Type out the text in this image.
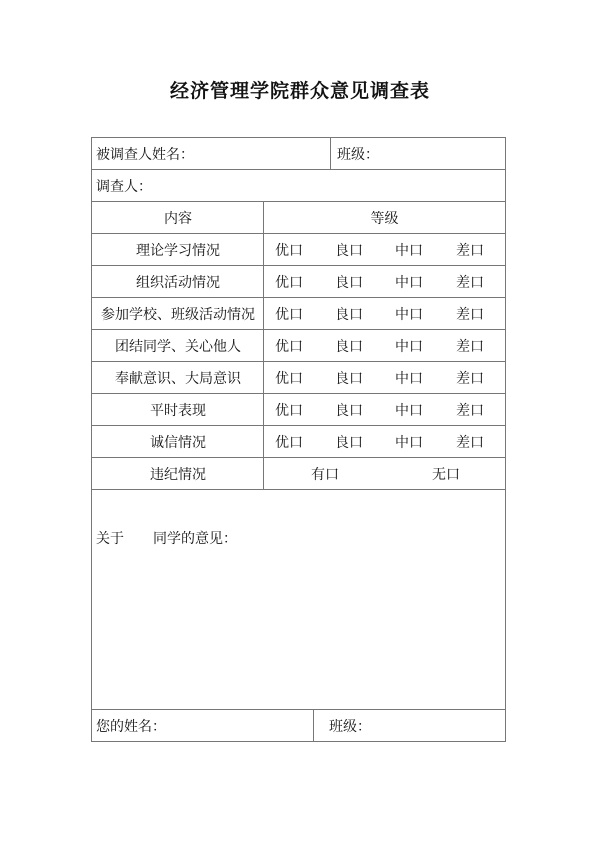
经济管理学院群众意见调查表
被调查人姓名：	班级：
调查人：
内容	等级
理论学习情况	优口 良口 中口 差口
组织活动情况	优口 良口 中口 差口
参加学校、班级活动情况	优口 良口 中口 差口
团结同学、关心他人	优口 良口 中口 差口
奉献意识、大局意识	优口 良口 中口 差口
平时表现	优口 良口 中口 差口
诚信情况	优口 良口 中口 差口
违纪情况	有口	无口
关于 同学的意见：
您的姓名：	班级：
